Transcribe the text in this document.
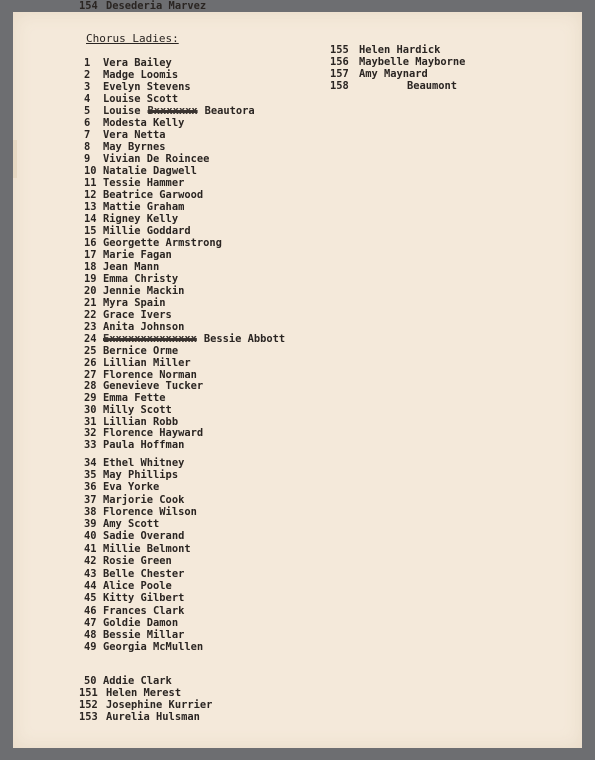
Chorus Ladies:
1 Vera Bailey
2 Madge Loomis
3 Evelyn Stevens
4 Louise Scott
5 Louise Bxxxxxxx Beautora
6 Modesta Kelly
7 Vera Netta
8 May Byrnes
9 Vivian De Roincee
10 Natalie Dagwell
11 Tessie Hammer
12 Beatrice Garwood
13 Mattie Graham
14 Rigney Kelly
15 Millie Goddard
16 Georgette Armstrong
17 Marie Fagan
18 Jean Mann
19 Emma Christy
20 Jennie Mackin
21 Myra Spain
22 Grace Ivers
23 Anita Johnson
24 Exxxxxxxxxxxxxx Bessie Abbott
25 Bernice Orme
26 Lillian Miller
27 Florence Norman
28 Genevieve Tucker
29 Emma Fette
30 Milly Scott
31 Lillian Robb
32 Florence Hayward
33 Paula Hoffman
34 Ethel Whitney
35 May Phillips
36 Eva Yorke
37 Marjorie Cook
38 Florence Wilson
39 Amy Scott
40 Sadie Overand
41 Millie Belmont
42 Rosie Green
43 Belle Chester
44 Alice Poole
45 Kitty Gilbert
46 Frances Clark
47 Goldie Damon
48 Bessie Millar
49 Georgia McMullen
50 Addie Clark
151 Helen Merest
152 Josephine Kurrier
153 Aurelia Hulsman
154 Desederia Marvez
155 Helen Hardick
156 Maybelle Mayborne
157 Amy Maynard
158	Beaumont
